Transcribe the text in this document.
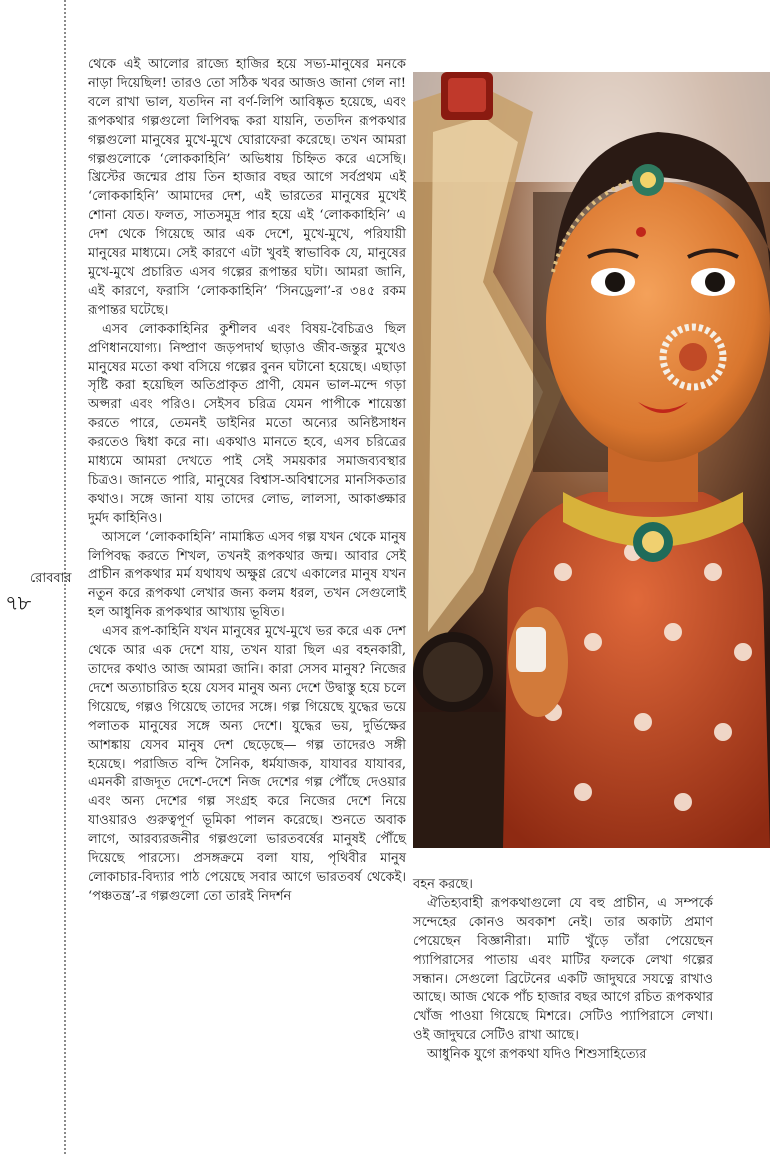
রোববার
৭৮

থেকে এই আলোর রাজ্যে হাজির হয়ে সভ্য-মানুষের মনকে নাড়া দিয়েছিল! তারও তো সঠিক খবর আজও জানা গেল না! বলে রাখা ভাল, যতদিন না বর্ণ-লিপি আবিষ্কৃত হয়েছে, এবং রূপকথার গল্পগুলো লিপিবদ্ধ করা যায়নি, ততদিন রূপকথার গল্পগুলো মানুষের মুখে-মুখে ঘোরাফেরা করেছে। তখন আমরা গল্পগুলোকে ‘লোককাহিনি’ অভিধায় চিহ্নিত করে এসেছি। খ্রিস্টের জন্মের প্রায় তিন হাজার বছর আগে সর্বপ্রথম এই ‘লোককাহিনি’ আমাদের দেশ, এই ভারতের মানুষের মুখেই শোনা যেত। ফলত, সাতসমুদ্র পার হয়ে এই ‘লোককাহিনি’ এ দেশ থেকে গিয়েছে আর এক দেশে, মুখে-মুখে, পরিযায়ী মানুষের মাধ্যমে। সেই কারণে এটা খুবই স্বাভাবিক যে, মানুষের মুখে-মুখে প্রচারিত এসব গল্পের রূপান্তর ঘটা। আমরা জানি, এই কারণে, ফরাসি ‘লোককাহিনি’ ‘সিনড্রেলা’-র ৩৪৫ রকম রূপান্তর ঘটেছে।

এসব লোককাহিনির কুশীলব এবং বিষয়-বৈচিত্রও ছিল প্রণিধানযোগ্য। নিষ্প্রাণ জড়পদার্থ ছাড়াও জীব-জন্তুর মুখেও মানুষের মতো কথা বসিয়ে গল্পের বুনন ঘটানো হয়েছে। এছাড়া সৃষ্টি করা হয়েছিল অতিপ্রাকৃত প্রাণী, যেমন ভাল-মন্দে গড়া অপ্সরা এবং পরিও। সেইসব চরিত্র যেমন পাপীকে শায়েস্তা করতে পারে, তেমনই ডাইনির মতো অন্যের অনিষ্টসাধন করতেও দ্বিধা করে না। একথাও মানতে হবে, এসব চরিত্রের মাধ্যমে আমরা দেখতে পাই সেই সময়কার সমাজব্যবস্থার চিত্রও। জানতে পারি, মানুষের বিশ্বাস-অবিশ্বাসের মানসিকতার কথাও। সঙ্গে জানা যায় তাদের লোভ, লালসা, আকাঙ্ক্ষার দুর্মদ কাহিনিও।

আসলে ‘লোককাহিনি’ নামাঙ্কিত এসব গল্প যখন থেকে মানুষ লিপিবদ্ধ করতে শিখল, তখনই রূপকথার জন্ম। আবার সেই প্রাচীন রূপকথার মর্ম যথাযথ অক্ষুণ্ণ রেখে একালের মানুষ যখন নতুন করে রূপকথা লেখার জন্য কলম ধরল, তখন সেগুলোই হল আধুনিক রূপকথার আখ্যায় ভূষিত।

এসব রূপ-কাহিনি যখন মানুষের মুখে-মুখে ভর করে এক দেশ থেকে আর এক দেশে যায়, তখন যারা ছিল এর বহনকারী, তাদের কথাও আজ আমরা জানি। কারা সেসব মানুষ? নিজের দেশে অত্যাচারিত হয়ে যেসব মানুষ অন্য দেশে উদ্বাস্তু হয়ে চলে গিয়েছে, গল্পও গিয়েছে তাদের সঙ্গে। গল্প গিয়েছে যুদ্ধের ভয়ে পলাতক মানুষের সঙ্গে অন্য দেশে। যুদ্ধের ভয়, দুর্ভিক্ষের আশঙ্কায় যেসব মানুষ দেশ ছেড়েছে— গল্প তাদেরও সঙ্গী হয়েছে। পরাজিত বন্দি সৈনিক, ধর্মযাজক, যাযাবর যাযাবর, এমনকী রাজদূত দেশে-দেশে নিজ দেশের গল্প পৌঁছে দেওয়ার এবং অন্য দেশের গল্প সংগ্রহ করে নিজের দেশে নিয়ে যাওয়ারও গুরুত্বপূর্ণ ভূমিকা পালন করেছে। শুনতে অবাক লাগে, আরব্যরজনীর গল্পগুলো ভারতবর্ষের মানুষই পৌঁছে দিয়েছে পারস্যে। প্রসঙ্গক্রমে বলা যায়, পৃথিবীর মানুষ লোকাচার-বিদ্যার পাঠ পেয়েছে সবার আগে ভারতবর্ষ থেকেই। ‘পঞ্চতন্ত্র’-র গল্পগুলো তো তারই নিদর্শন

বহন করছে।

ঐতিহ্যবাহী রূপকথাগুলো যে বহু প্রাচীন, এ সম্পর্কে সন্দেহের কোনও অবকাশ নেই। তার অকাট্য প্রমাণ পেয়েছেন বিজ্ঞানীরা। মাটি খুঁড়ে তাঁরা পেয়েছেন প্যাপিরাসের পাতায় এবং মাটির ফলকে লেখা গল্পের সন্ধান। সেগুলো ব্রিটেনের একটি জাদুঘরে সযত্নে রাখাও আছে। আজ থেকে পাঁচ হাজার বছর আগে রচিত রূপকথার খোঁজ পাওয়া গিয়েছে মিশরে। সেটিও প্যাপিরাসে লেখা। ওই জাদুঘরে সেটিও রাখা আছে।

আধুনিক যুগে রূপকথা যদিও শিশুসাহিত্যের
